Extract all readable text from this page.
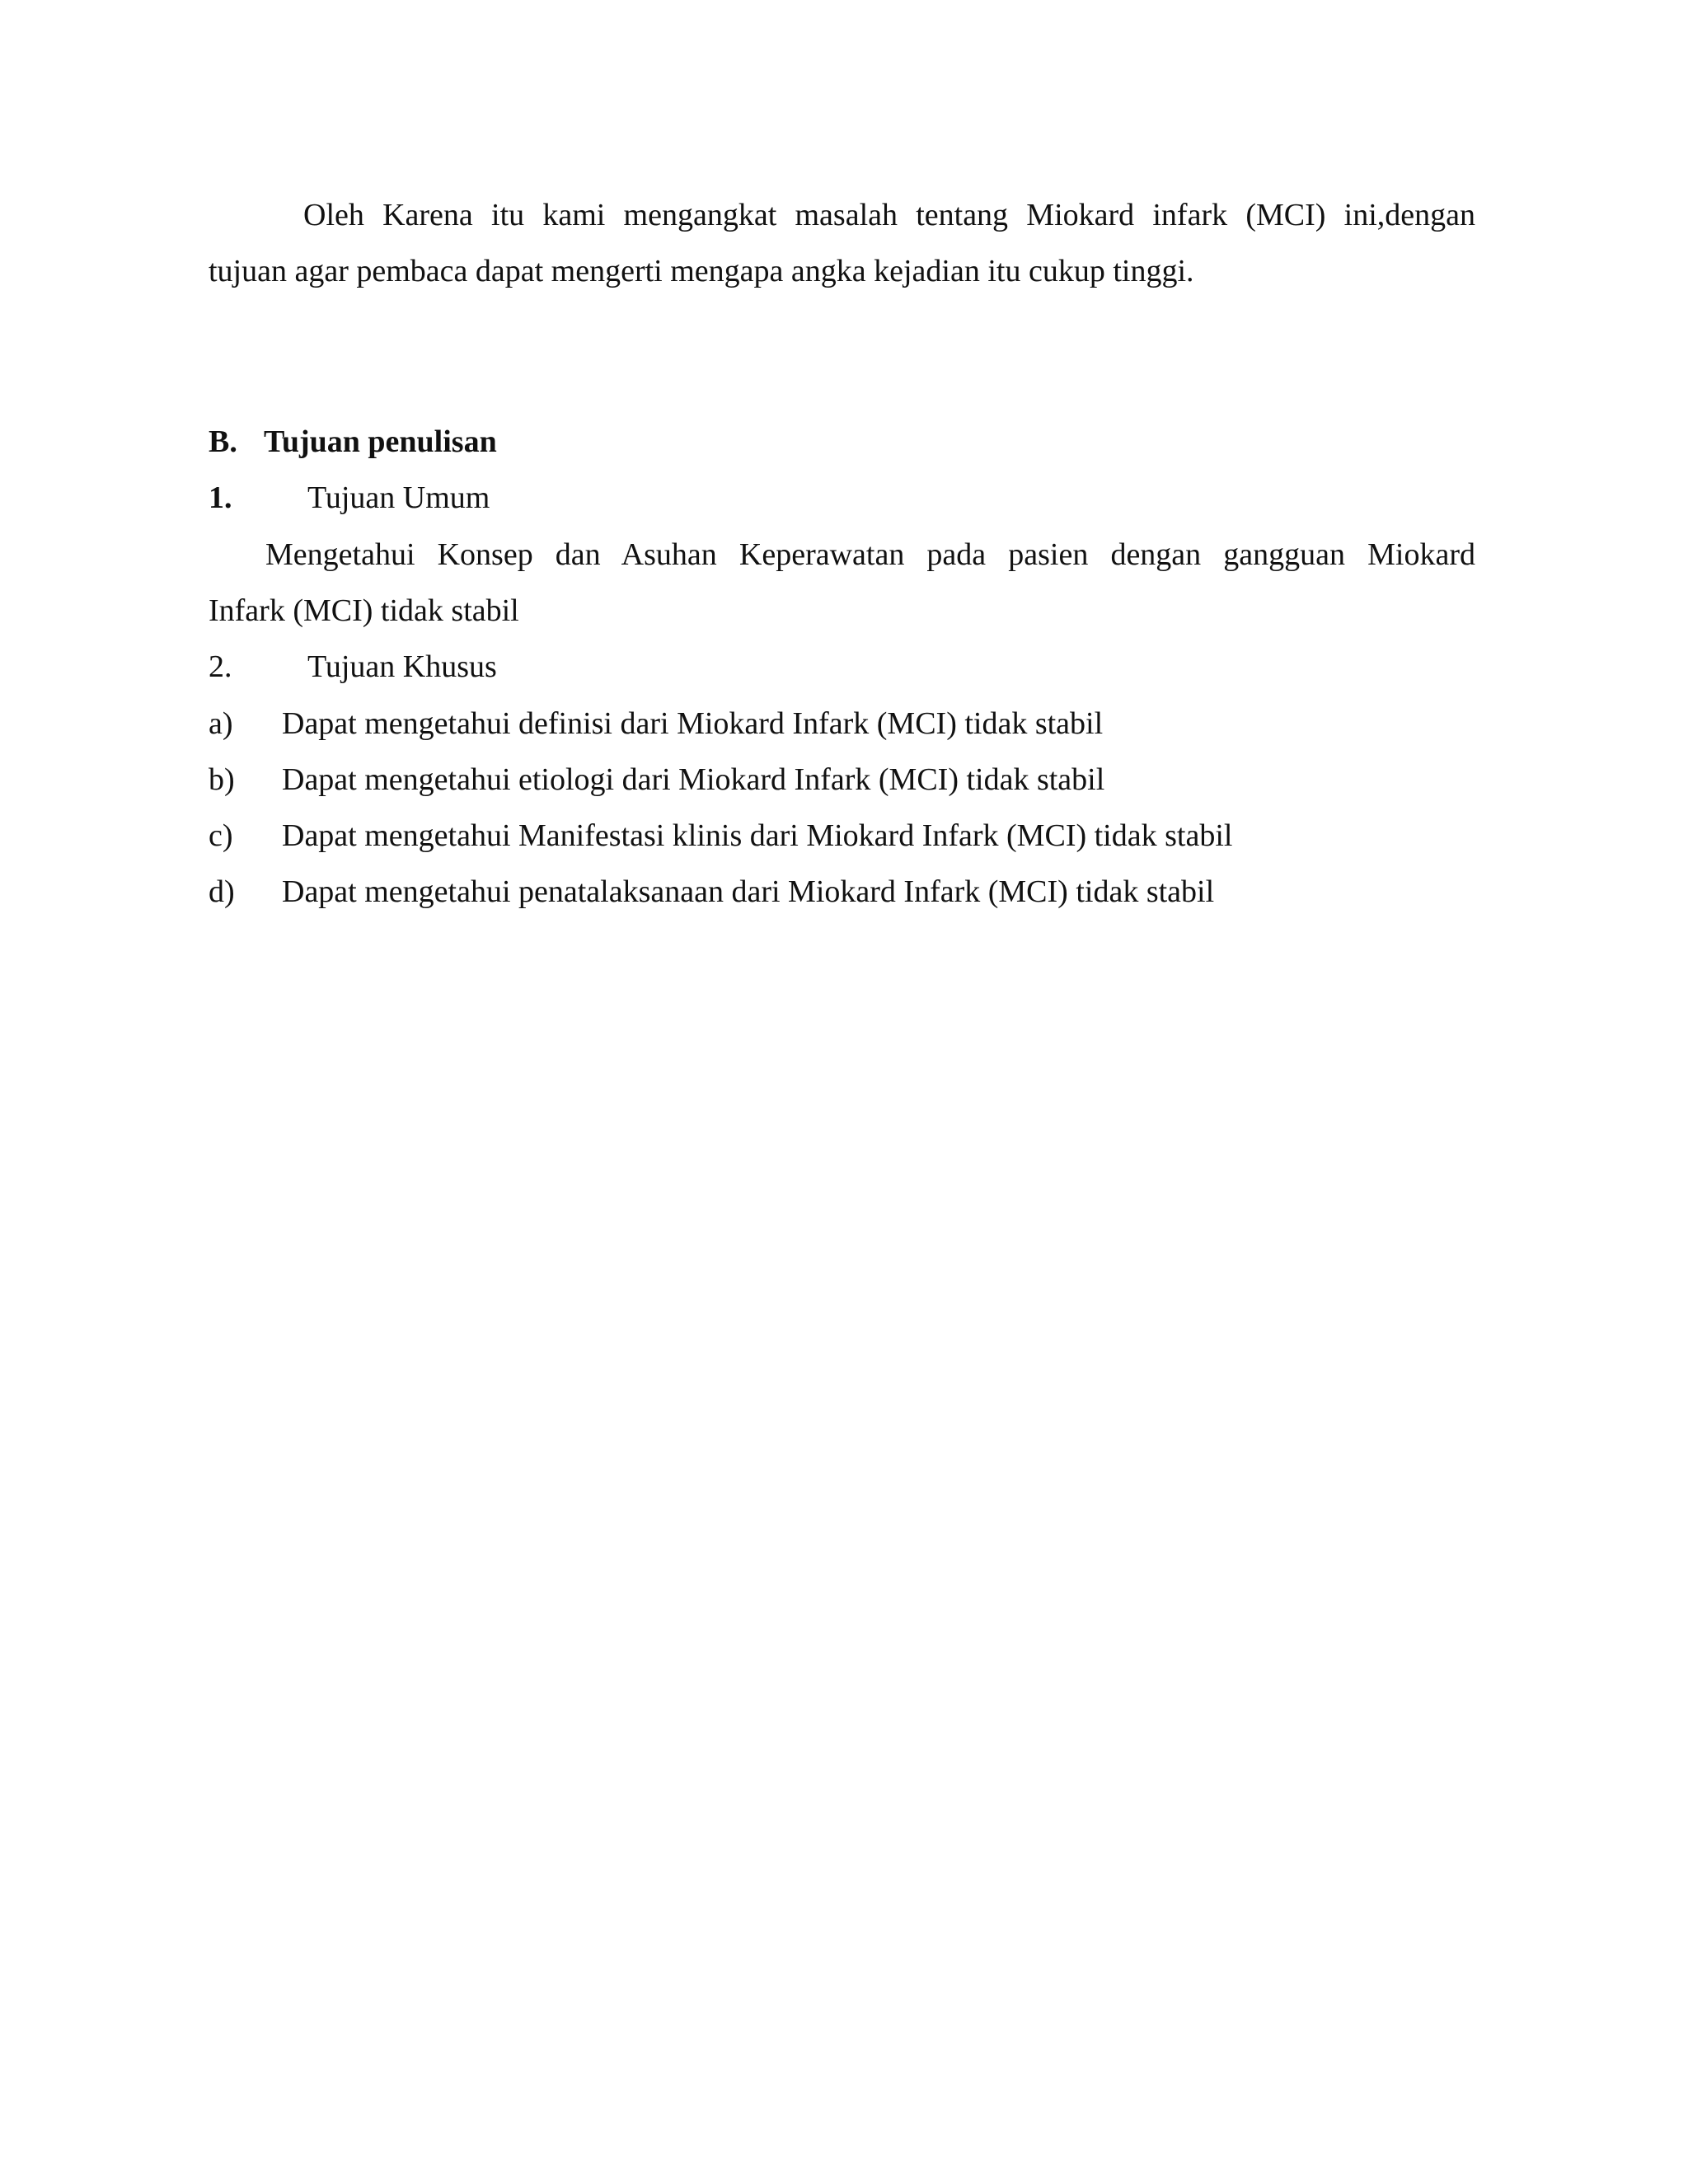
Oleh Karena itu kami mengangkat masalah tentang Miokard infark (MCI) ini,dengan
tujuan agar pembaca dapat mengerti mengapa angka kejadian itu cukup tinggi.
B. Tujuan penulisan
1. Tujuan Umum
Mengetahui Konsep dan Asuhan Keperawatan pada pasien dengan gangguan Miokard
Infark (MCI) tidak stabil
2. Tujuan Khusus
a) Dapat mengetahui definisi dari Miokard Infark (MCI) tidak stabil
b) Dapat mengetahui etiologi dari Miokard Infark (MCI) tidak stabil
c) Dapat mengetahui Manifestasi klinis dari Miokard Infark (MCI) tidak stabil
d) Dapat mengetahui penatalaksanaan dari Miokard Infark (MCI) tidak stabil
